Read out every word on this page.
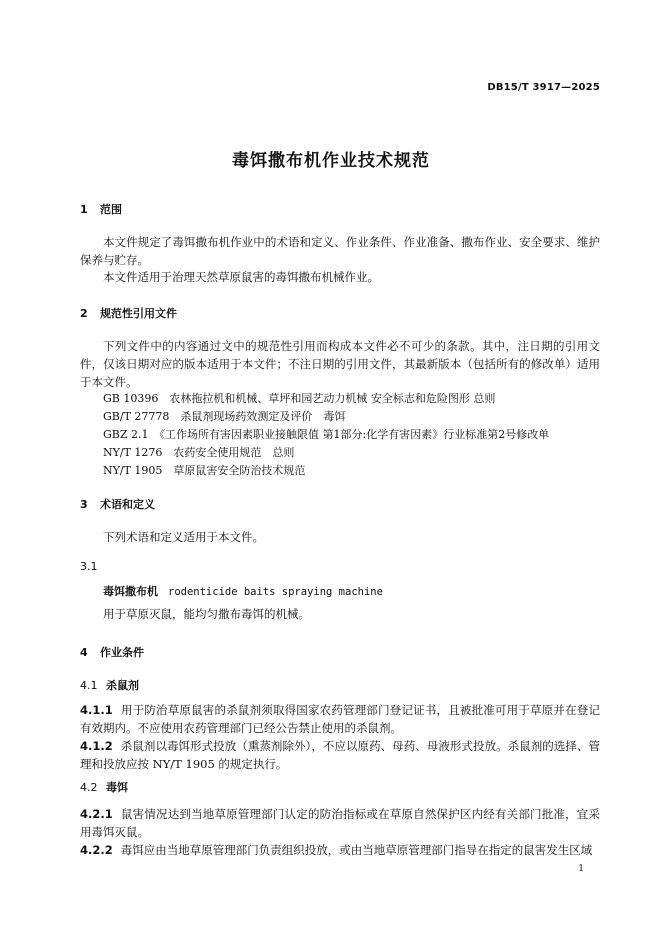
DB15/T 3917—2025
毒饵撒布机作业技术规范
1 范围
本文件规定了毒饵撒布机作业中的术语和定义、作业条件、作业准备、撒布作业、安全要求、维护保养与贮存。
本文件适用于治理天然草原鼠害的毒饵撒布机械作业。
2 规范性引用文件
下列文件中的内容通过文中的规范性引用而构成本文件必不可少的条款。其中，注日期的引用文件，仅该日期对应的版本适用于本文件；不注日期的引用文件，其最新版本（包括所有的修改单）适用于本文件。
GB 10396　农林拖拉机和机械、草坪和园艺动力机械 安全标志和危险图形 总则
GB/T 27778　杀鼠剂现场药效测定及评价　毒饵
GBZ 2.1　《工作场所有害因素职业接触限值 第1部分:化学有害因素》行业标准第2号修改单
NY/T 1276　农药安全使用规范　总则
NY/T 1905　草原鼠害安全防治技术规范
3 术语和定义
下列术语和定义适用于本文件。
3.1
毒饵撒布机 rodenticide baits spraying machine
用于草原灭鼠，能均匀撒布毒饵的机械。
4 作业条件
4.1 杀鼠剂
4.1.1 用于防治草原鼠害的杀鼠剂须取得国家农药管理部门登记证书，且被批准可用于草原并在登记有效期内。不应使用农药管理部门已经公告禁止使用的杀鼠剂。
4.1.2 杀鼠剂以毒饵形式投放（熏蒸剂除外），不应以原药、母药、母液形式投放。杀鼠剂的选择、管理和投放应按 NY/T 1905 的规定执行。
4.2 毒饵
4.2.1 鼠害情况达到当地草原管理部门认定的防治指标或在草原自然保护区内经有关部门批准，宜采用毒饵灭鼠。
4.2.2 毒饵应由当地草原管理部门负责组织投放，或由当地草原管理部门指导在指定的鼠害发生区域
1
